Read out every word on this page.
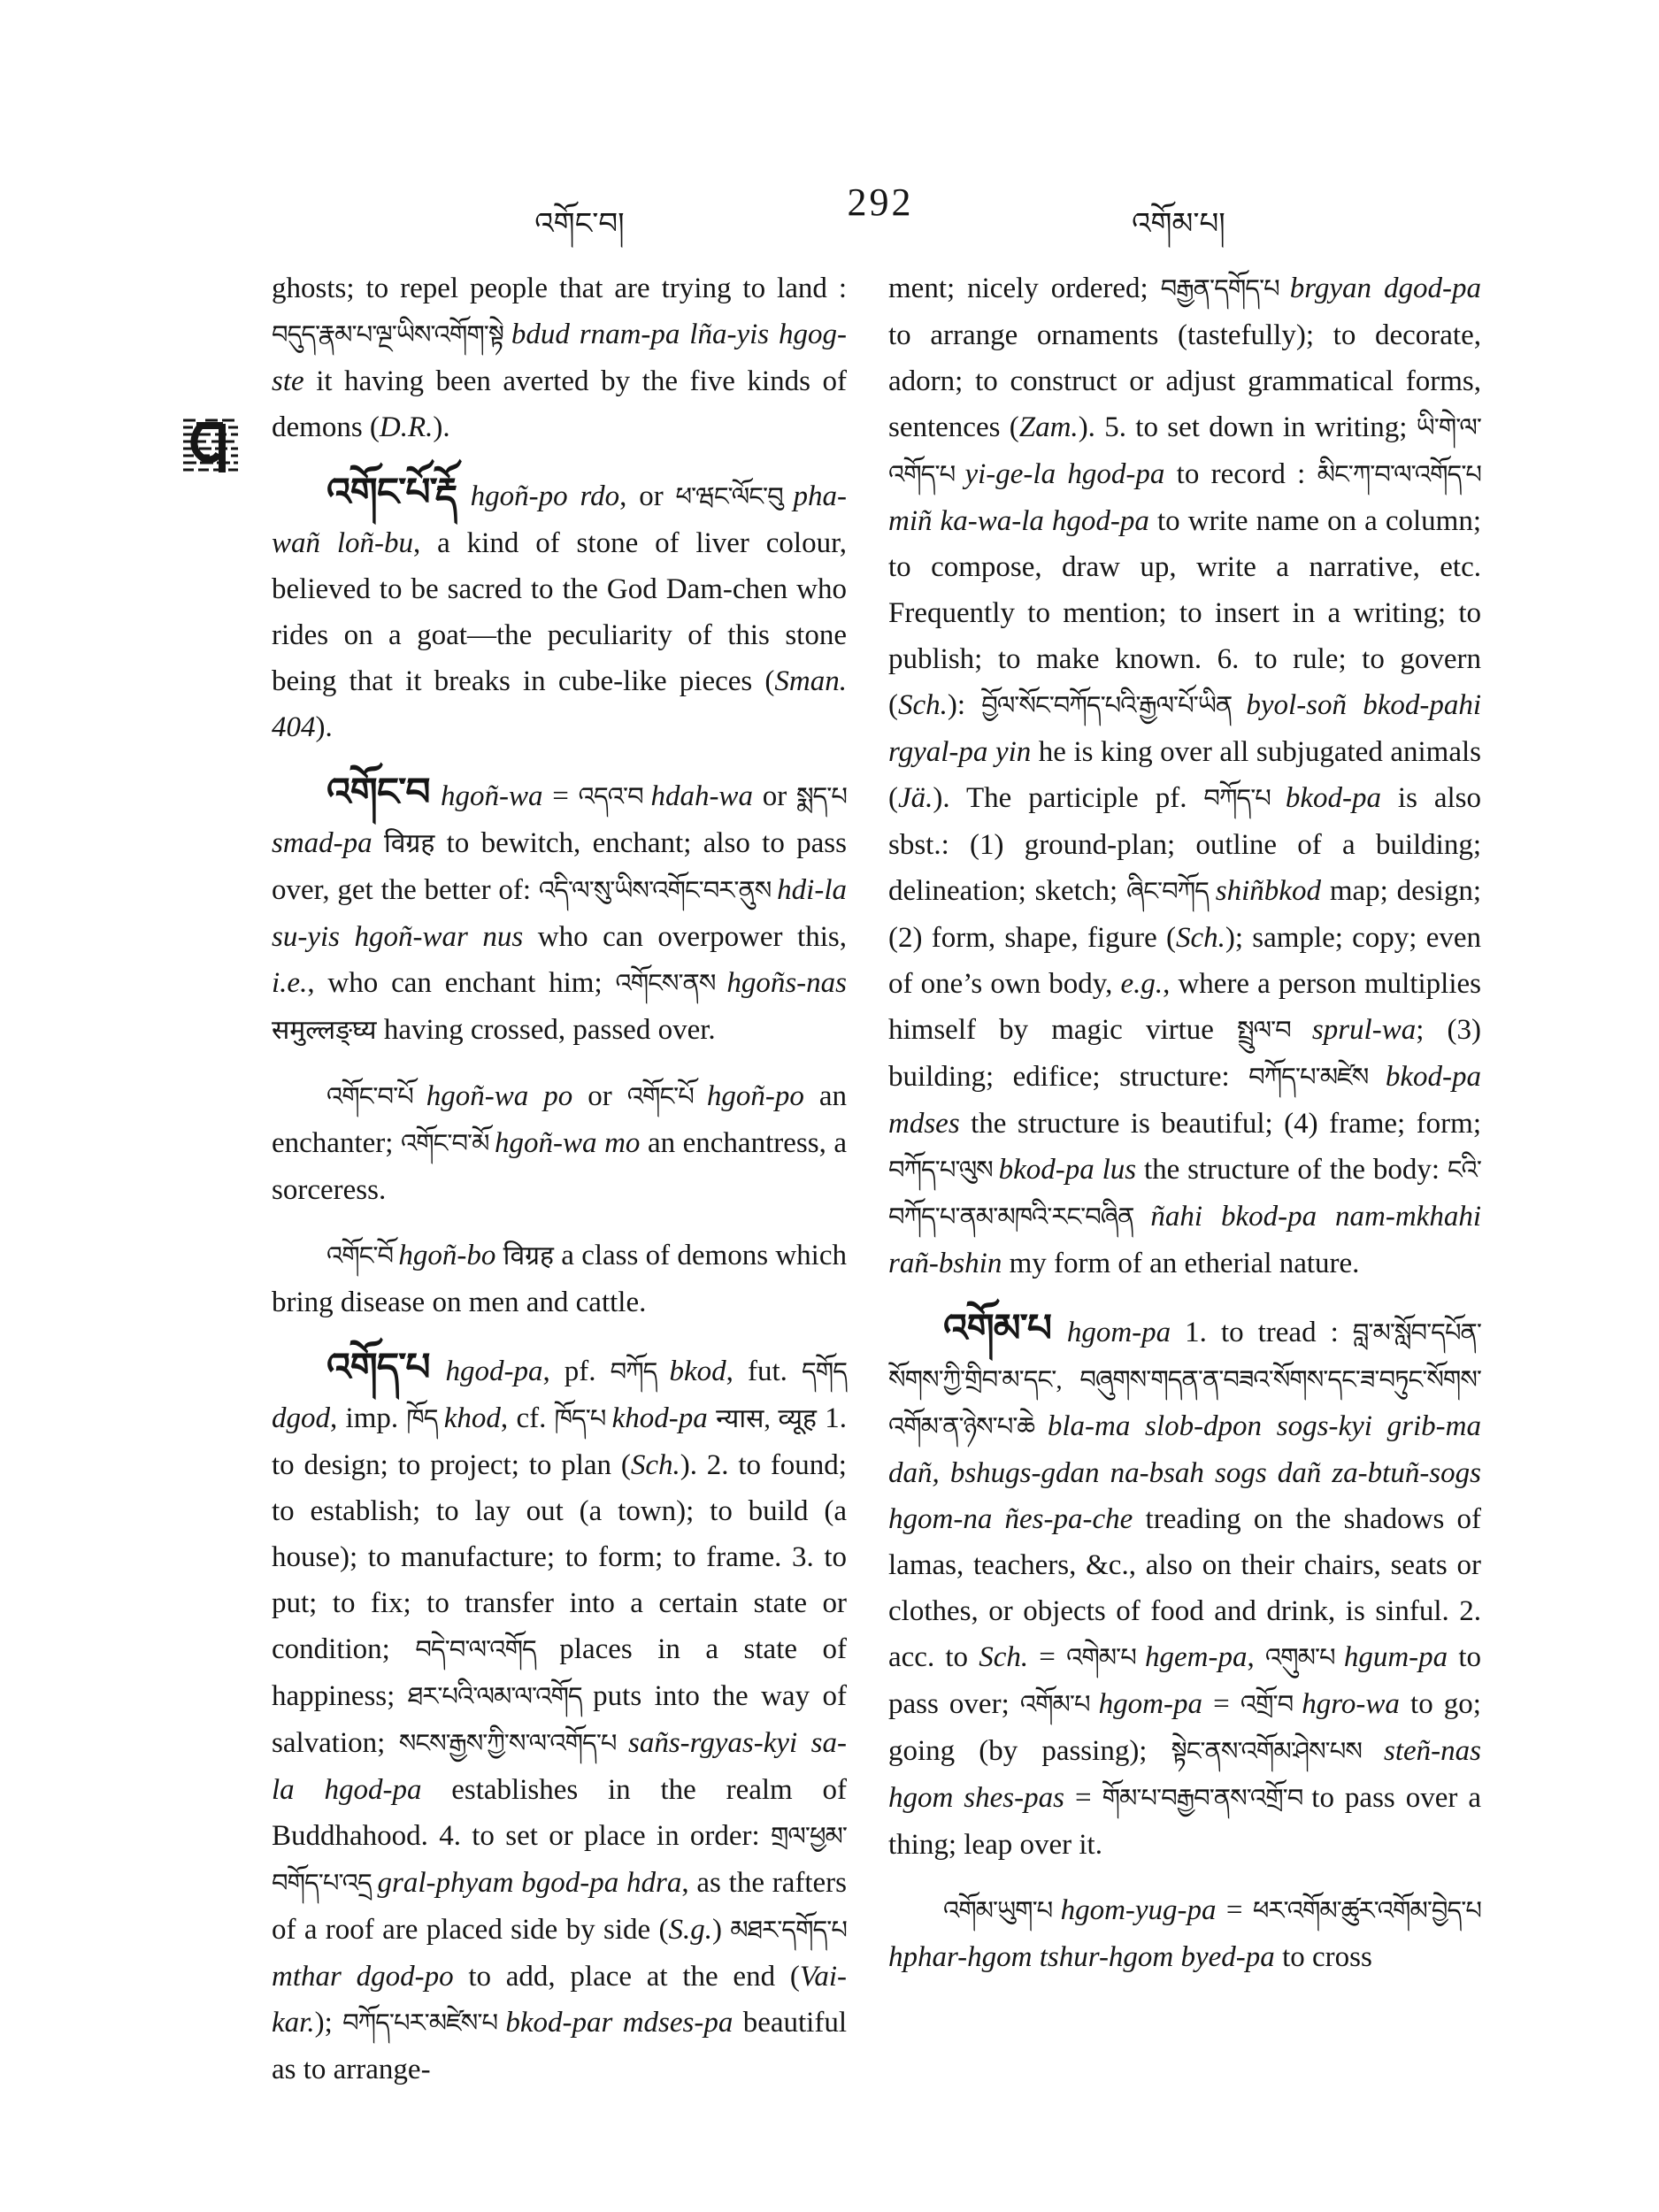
འགོང་བ།
292
འགོམ་པ།

ghosts; to repel people that are trying to land : བདུད་རྣམ་པ་ལྔ་ཡིས་འགོག་སྟེ bdud rnam-pa lña-yis hgog-ste it having been averted by the five kinds of demons (D.R.).

འགོང་པོ་རྡོ hgoñ-po rdo, or ཕ་ཝང་ལོང་བུ pha-wañ loñ-bu, a kind of stone of liver colour, believed to be sacred to the God Dam-chen who rides on a goat—the peculiarity of this stone being that it breaks in cube-like pieces (Sman. 404).

འགོང་བ hgoñ-wa = འདའ་བ hdah-wa or སྨད་པ smad-pa विग्रह to bewitch, enchant; also to pass over, get the better of: འདི་ལ་སུ་ཡིས་འགོང་བར་ནུས hdi-la su-yis hgoñ-war nus who can overpower this, i.e., who can enchant him; འགོངས་ནས hgoñs-nas समुल्लङ्घ्य having crossed, passed over.

འགོང་བ་པོ hgoñ-wa po or འགོང་པོ hgoñ-po an enchanter; འགོང་བ་མོ hgoñ-wa mo an enchantress, a sorceress.

འགོང་བོ hgoñ-bo विग्रह a class of demons which bring disease on men and cattle.

འགོད་པ hgod-pa, pf. བཀོད bkod, fut. དགོད dgod, imp. ཁོད khod, cf. ཁོད་པ khod-pa न्यास, व्यूह 1. to design; to project; to plan (Sch.). 2. to found; to establish; to lay out (a town); to build (a house); to manufacture; to form; to frame. 3. to put; to fix; to transfer into a certain state or condition; བདེ་བ་ལ་འགོད places in a state of happiness; ཐར་པའི་ལམ་ལ་འགོད puts into the way of salvation; སངས་རྒྱས་ཀྱི་ས་ལ་འགོད་པ sañs-rgyas-kyi sa-la hgod-pa establishes in the realm of Buddhahood. 4. to set or place in order: གྲལ་ཕྱམ་བགོད་པ་འདྲ gral-phyam bgod-pa hdra, as the rafters of a roof are placed side by side (S.g.) མཐར་དགོད་པ mthar dgod-po to add, place at the end (Vai-kar.); བཀོད་པར་མཛེས་པ bkod-par mdses-pa beautiful as to arrange-

ment; nicely ordered; བརྒྱན་དགོད་པ brgyan dgod-pa to arrange ornaments (tastefully); to decorate, adorn; to construct or adjust grammatical forms, sentences (Zam.). 5. to set down in writing; ཡི་གེ་ལ་འགོད་པ yi-ge-la hgod-pa to record : མིང་ཀ་བ་ལ་འགོད་པ miñ ka-wa-la hgod-pa to write name on a column; to compose, draw up, write a narrative, etc. Frequently to mention; to insert in a writing; to publish; to make known. 6. to rule; to govern (Sch.): བྱོལ་སོང་བཀོད་པའི་རྒྱལ་པོ་ཡིན byol-soñ bkod-pahi rgyal-pa yin he is king over all subjugated animals (Jä.). The participle pf. བཀོད་པ bkod-pa is also sbst.: (1) ground-plan; outline of a building; delineation; sketch; ཞིང་བཀོད shiñbkod map; design; (2) form, shape, figure (Sch.); sample; copy; even of one’s own body, e.g., where a person multiplies himself by magic virtue སྤྲུལ་བ sprul-wa; (3) building; edifice; structure: བཀོད་པ་མཛེས bkod-pa mdses the structure is beautiful; (4) frame; form; བཀོད་པ་ལུས bkod-pa lus the structure of the body: ངའི་བཀོད་པ་ནམ་མཁའི་རང་བཞིན ñahi bkod-pa nam-mkhahi rañ-bshin my form of an etherial nature.

འགོམ་པ hgom-pa 1. to tread : བླ་མ་སློབ་དཔོན་སོགས་ཀྱི་གྲིབ་མ་དང་, བཞུགས་གདན་ན་བཟའ་སོགས་དང་ཟ་བཏུང་སོགས་འགོམ་ན་ཉེས་པ་ཆེ bla-ma slob-dpon sogs-kyi grib-ma dañ, bshugs-gdan na-bsah sogs dañ za-btuñ-sogs hgom-na ñes-pa-che treading on the shadows of lamas, teachers, &c., also on their chairs, seats or clothes, or objects of food and drink, is sinful. 2. acc. to Sch. = འགེམ་པ hgem-pa, འགུམ་པ hgum-pa to pass over; འགོམ་པ hgom-pa = འགྲོ་བ hgro-wa to go; going (by passing); སྟེང་ནས་འགོམ་ཤེས་པས steñ-nas hgom shes-pas = གོམ་པ་བརྒྱབ་ནས་འགྲོ་བ to pass over a thing; leap over it.

འགོམ་ཡུག་པ hgom-yug-pa = ཕར་འགོམ་ཚུར་འགོམ་བྱེད་པ hphar-hgom tshur-hgom byed-pa to cross
